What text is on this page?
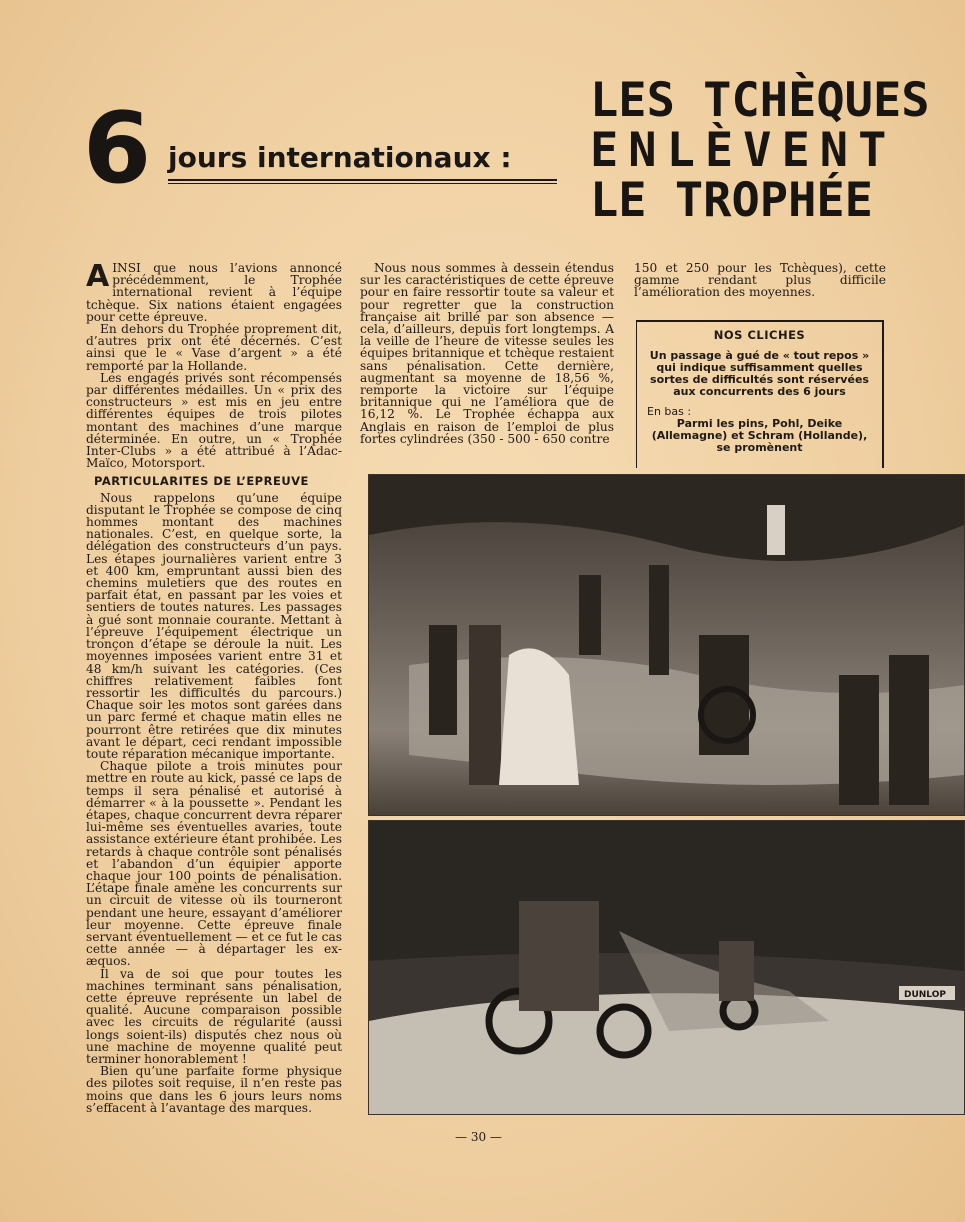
6 jours internationaux :
LES TCHÈQUES
ENLÈVENT
LE TROPHÉE

AINSI que nous l’avions annoncé précédemment, le Trophée international revient à l’équipe tchèque. Six nations étaient engagées pour cette épreuve.

En dehors du Trophée proprement dit, d’autres prix ont été décernés. C’est ainsi que le « Vase d’argent » a été remporté par la Hollande.

Les engagés privés sont récompensés par différentes médailles. Un « prix des constructeurs » est mis en jeu entre différentes équipes de trois pilotes montant des machines d’une marque déterminée. En outre, un « Trophée Inter-Clubs » a été attribué à l’Adac-Maïco, Motorsport.

PARTICULARITES DE L’EPREUVE

Nous rappelons qu’une équipe disputant le Trophée se compose de cinq hommes montant des machines nationales. C’est, en quelque sorte, la délégation des constructeurs d’un pays. Les étapes journalières varient entre 3 et 400 km, empruntant aussi bien des chemins muletiers que des routes en parfait état, en passant par les voies et sentiers de toutes natures. Les passages à gué sont monnaie courante. Mettant à l’épreuve l’équipement électrique un tronçon d’étape se déroule la nuit. Les moyennes imposées varient entre 31 et 48 km/h suivant les catégories. (Ces chiffres relativement faibles font ressortir les difficultés du parcours.) Chaque soir les motos sont garées dans un parc fermé et chaque matin elles ne pourront être retirées que dix minutes avant le départ, ceci rendant impossible toute réparation mécanique importante.

Chaque pilote a trois minutes pour mettre en route au kick, passé ce laps de temps il sera pénalisé et autorisé à démarrer « à la poussette ». Pendant les étapes, chaque concurrent devra réparer lui-même ses éventuelles avaries, toute assistance extérieure étant prohibée. Les retards à chaque contrôle sont pénalisés et l’abandon d’un équipier apporte chaque jour 100 points de pénalisation. L’étape finale amène les concurrents sur un circuit de vitesse où ils tourneront pendant une heure, essayant d’améliorer leur moyenne. Cette épreuve finale servant éventuellement — et ce fut le cas cette année — à départager les ex-æquos.

Il va de soi que pour toutes les machines terminant sans pénalisation, cette épreuve représente un label de qualité. Aucune comparaison possible avec les circuits de régularité (aussi longs soient-ils) disputés chez nous où une machine de moyenne qualité peut terminer honorablement !

Bien qu’une parfaite forme physique des pilotes soit requise, il n’en reste pas moins que dans les 6 jours leurs noms s’effacent à l’avantage des marques.

Nous nous sommes à dessein étendus sur les caractéristiques de cette épreuve pour en faire ressortir toute sa valeur et pour regretter que la construction française ait brillé par son absence — cela, d’ailleurs, depuis fort longtemps. A la veille de l’heure de vitesse seules les équipes britannique et tchèque restaient sans pénalisation. Cette dernière, augmentant sa moyenne de 18,56 %, remporte la victoire sur l’équipe britannique qui ne l’améliora que de 16,12 %. Le Trophée échappa aux Anglais en raison de l’emploi de plus fortes cylindrées (350 - 500 - 650 contre

150 et 250 pour les Tchèques), cette gamme rendant plus difficile l’amélioration des moyennes.

NOS CLICHES
Un passage à gué de « tout repos » qui indique suffisamment quelles sortes de difficultés sont réservées aux concurrents des 6 jours
En bas :
Parmi les pins, Pohl, Deike (Allemagne) et Schram (Hollande), se promènent
DUNLOP
— 30 —
